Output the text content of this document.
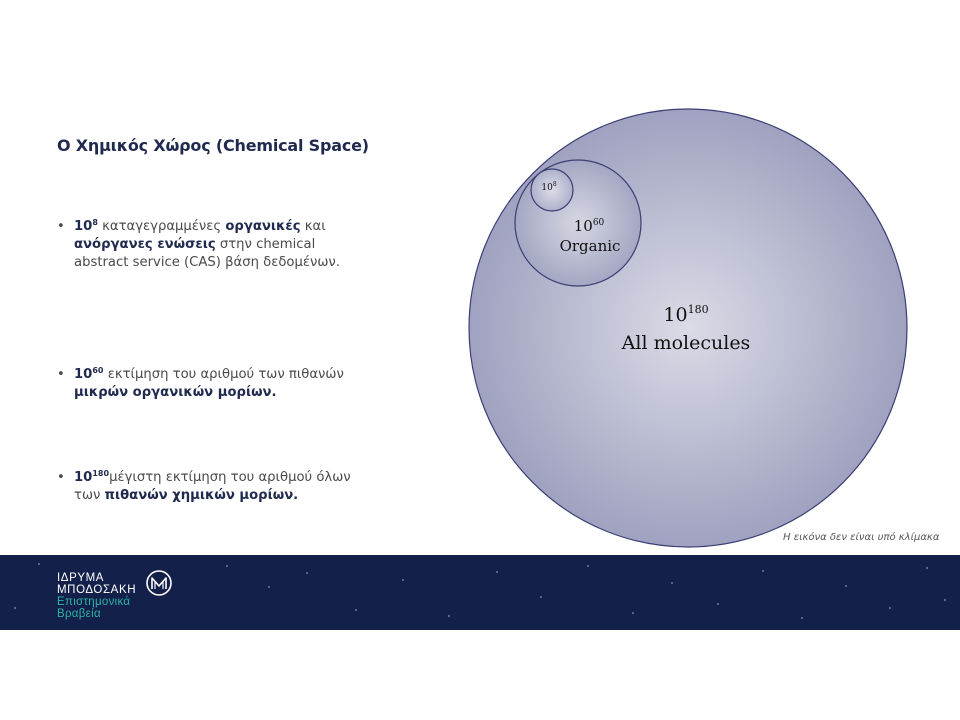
Ο Χημικός Χώρος (Chemical Space)
• $10^8$ καταγεγραμμένες οργανικές και ανόργανες ενώσεις στην chemical abstract service (CAS) βάση δεδομένων.
• $10^{60}$ εκτίμηση του αριθμού των πιθανών μικρών οργανικών μορίων.
• $10^{180}\mu έ\gamma\iota\sigma\tau\eta$ εκτίμηση του αριθμού όλων των πιθανών χημικών μορίων.
$10^{180}$
All molecules
$10^{60}$
Organic
$10^8$
Η εικόνα δεν είναι υπό κλίμακα
ΙΔΡΥΜΑ
ΜΠΟΔΟΣΑΚΗ
Επιστημονικά
Βραβεία
